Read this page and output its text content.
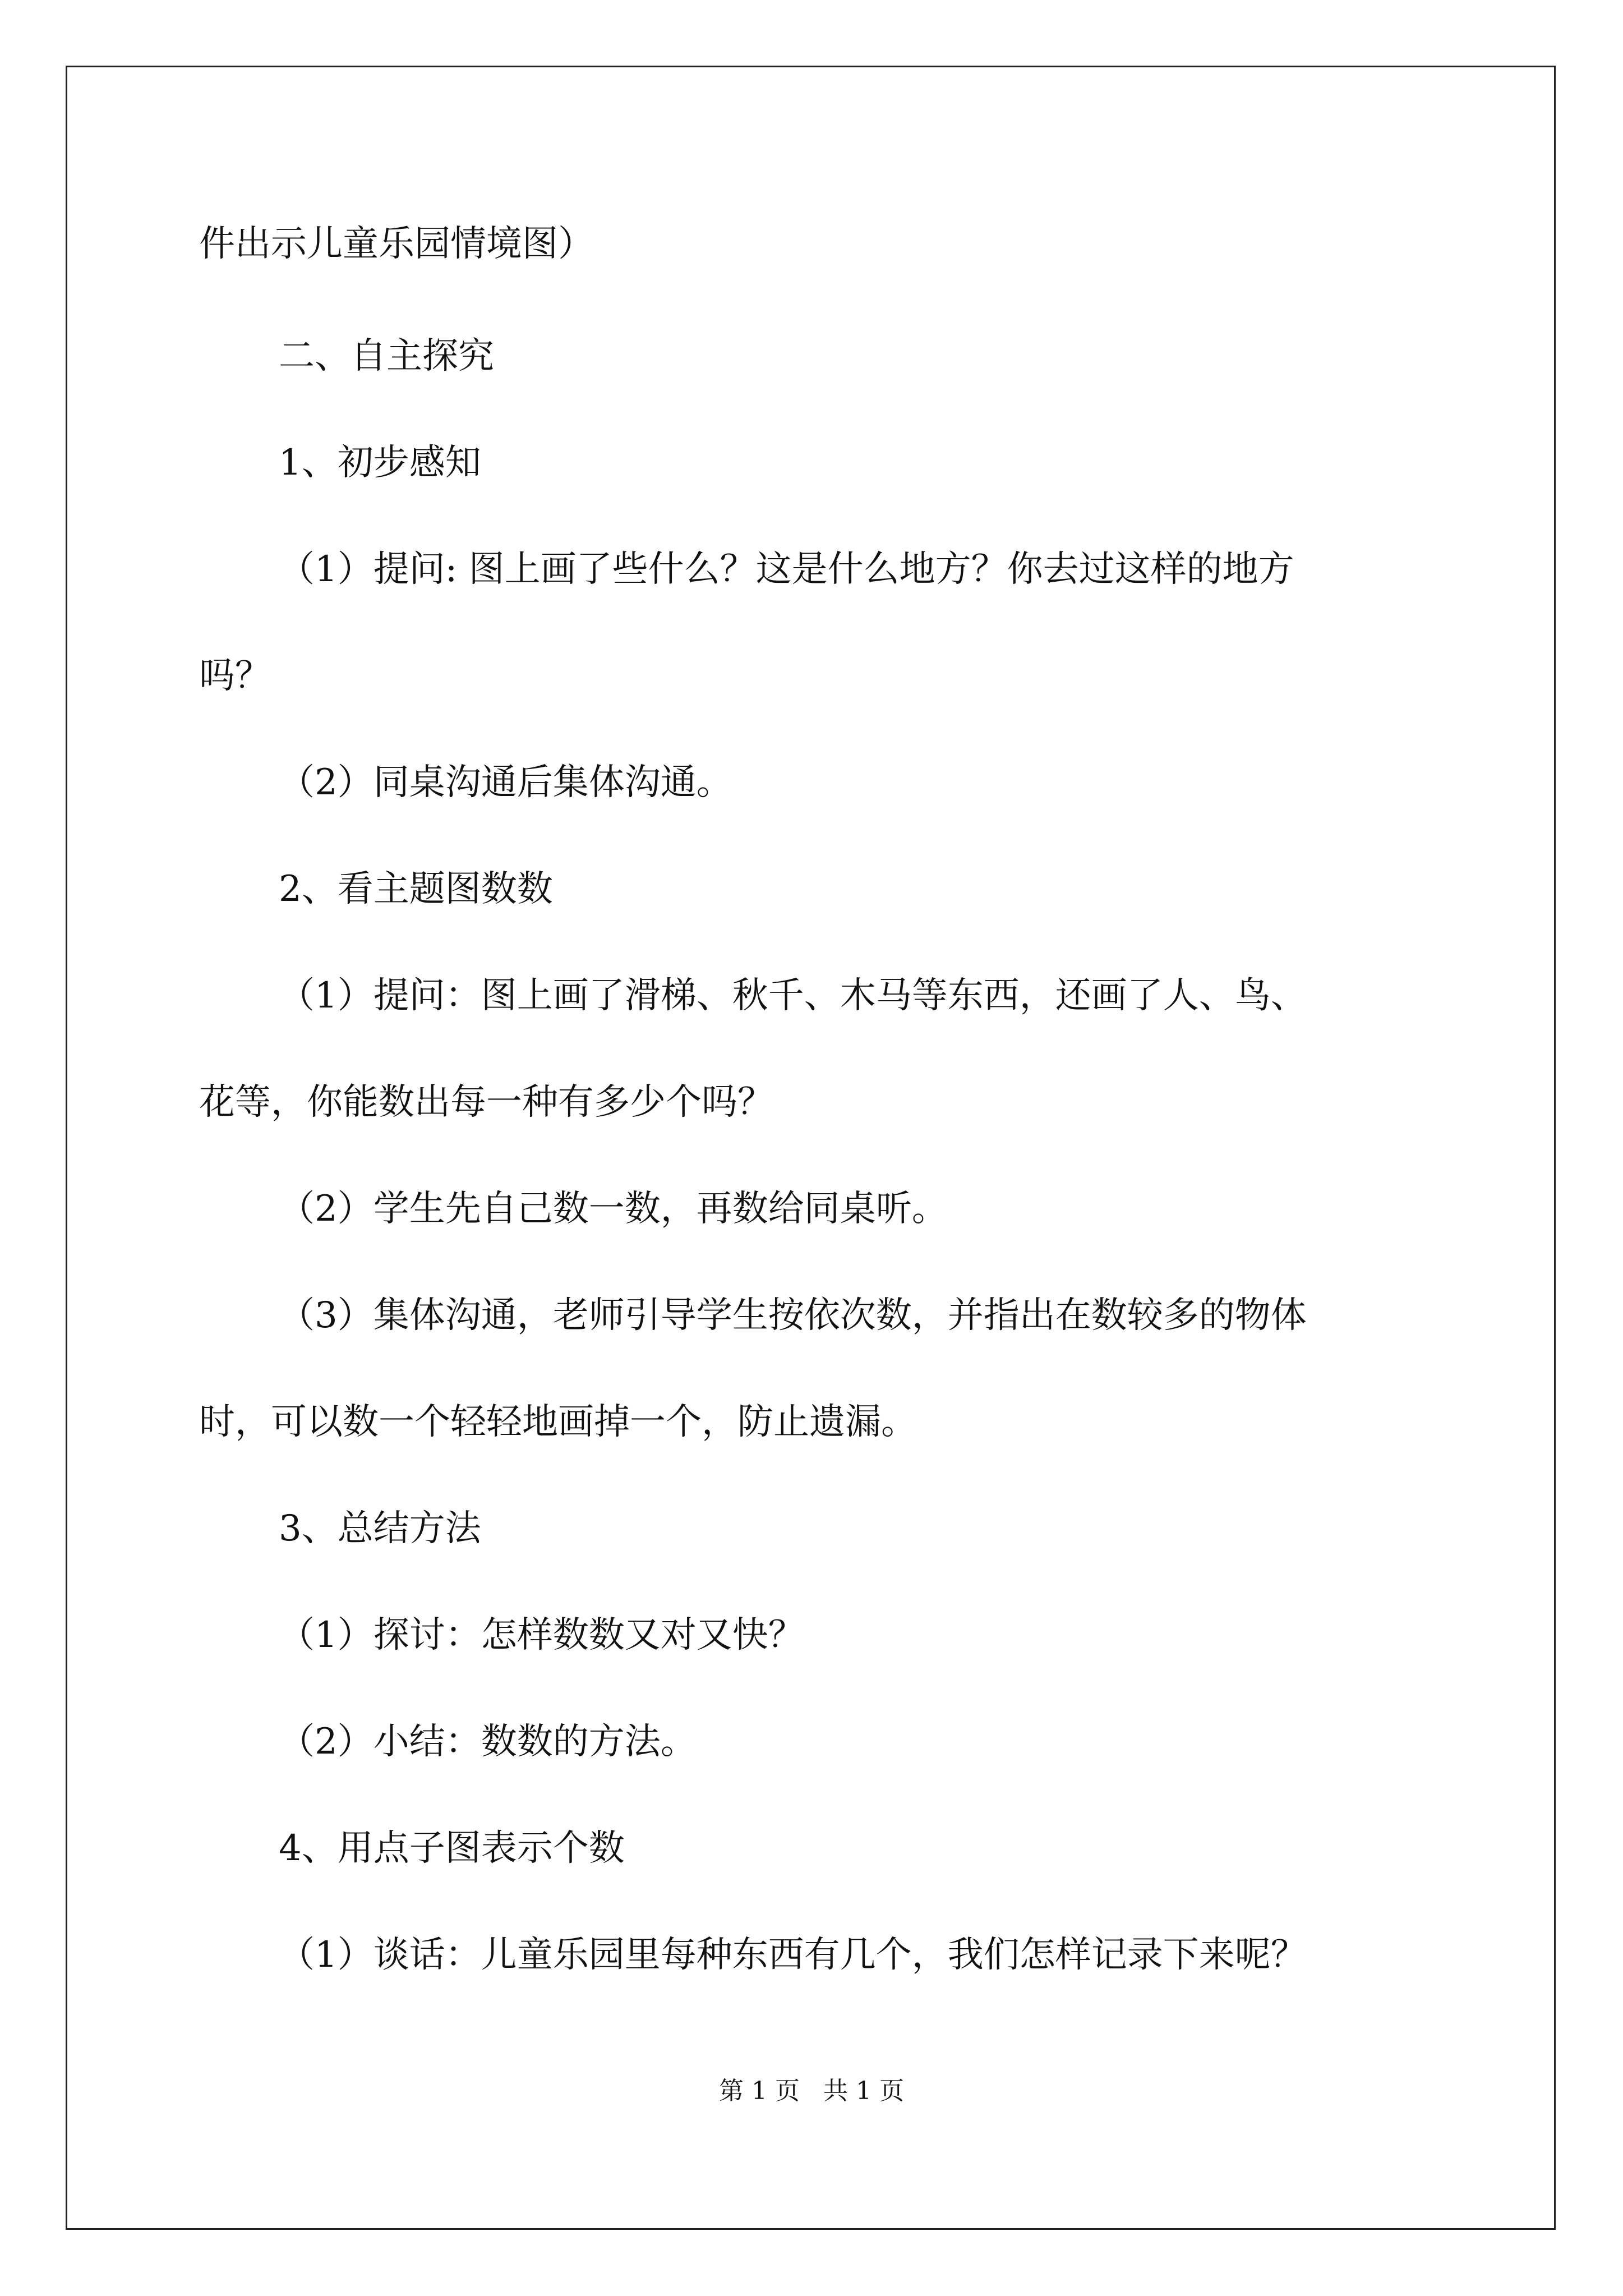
件出示儿童乐园情境图）
二、自主探究
1、初步感知
（1）提问: 图上画了些什么？这是什么地方？你去过这样的地方
吗？
（2）同桌沟通后集体沟通。
2、看主题图数数
（1）提问：图上画了滑梯、秋千、木马等东西，还画了人、鸟、
花等，你能数出每一种有多少个吗？
（2）学生先自己数一数，再数给同桌听。
（3）集体沟通，老师引导学生按依次数，并指出在数较多的物体
时，可以数一个轻轻地画掉一个，防止遗漏。
3、总结方法
（1）探讨：怎样数数又对又快？
（2）小结：数数的方法。
4、用点子图表示个数
（1）谈话：儿童乐园里每种东西有几个，我们怎样记录下来呢？
第 1 页   共 1 页
